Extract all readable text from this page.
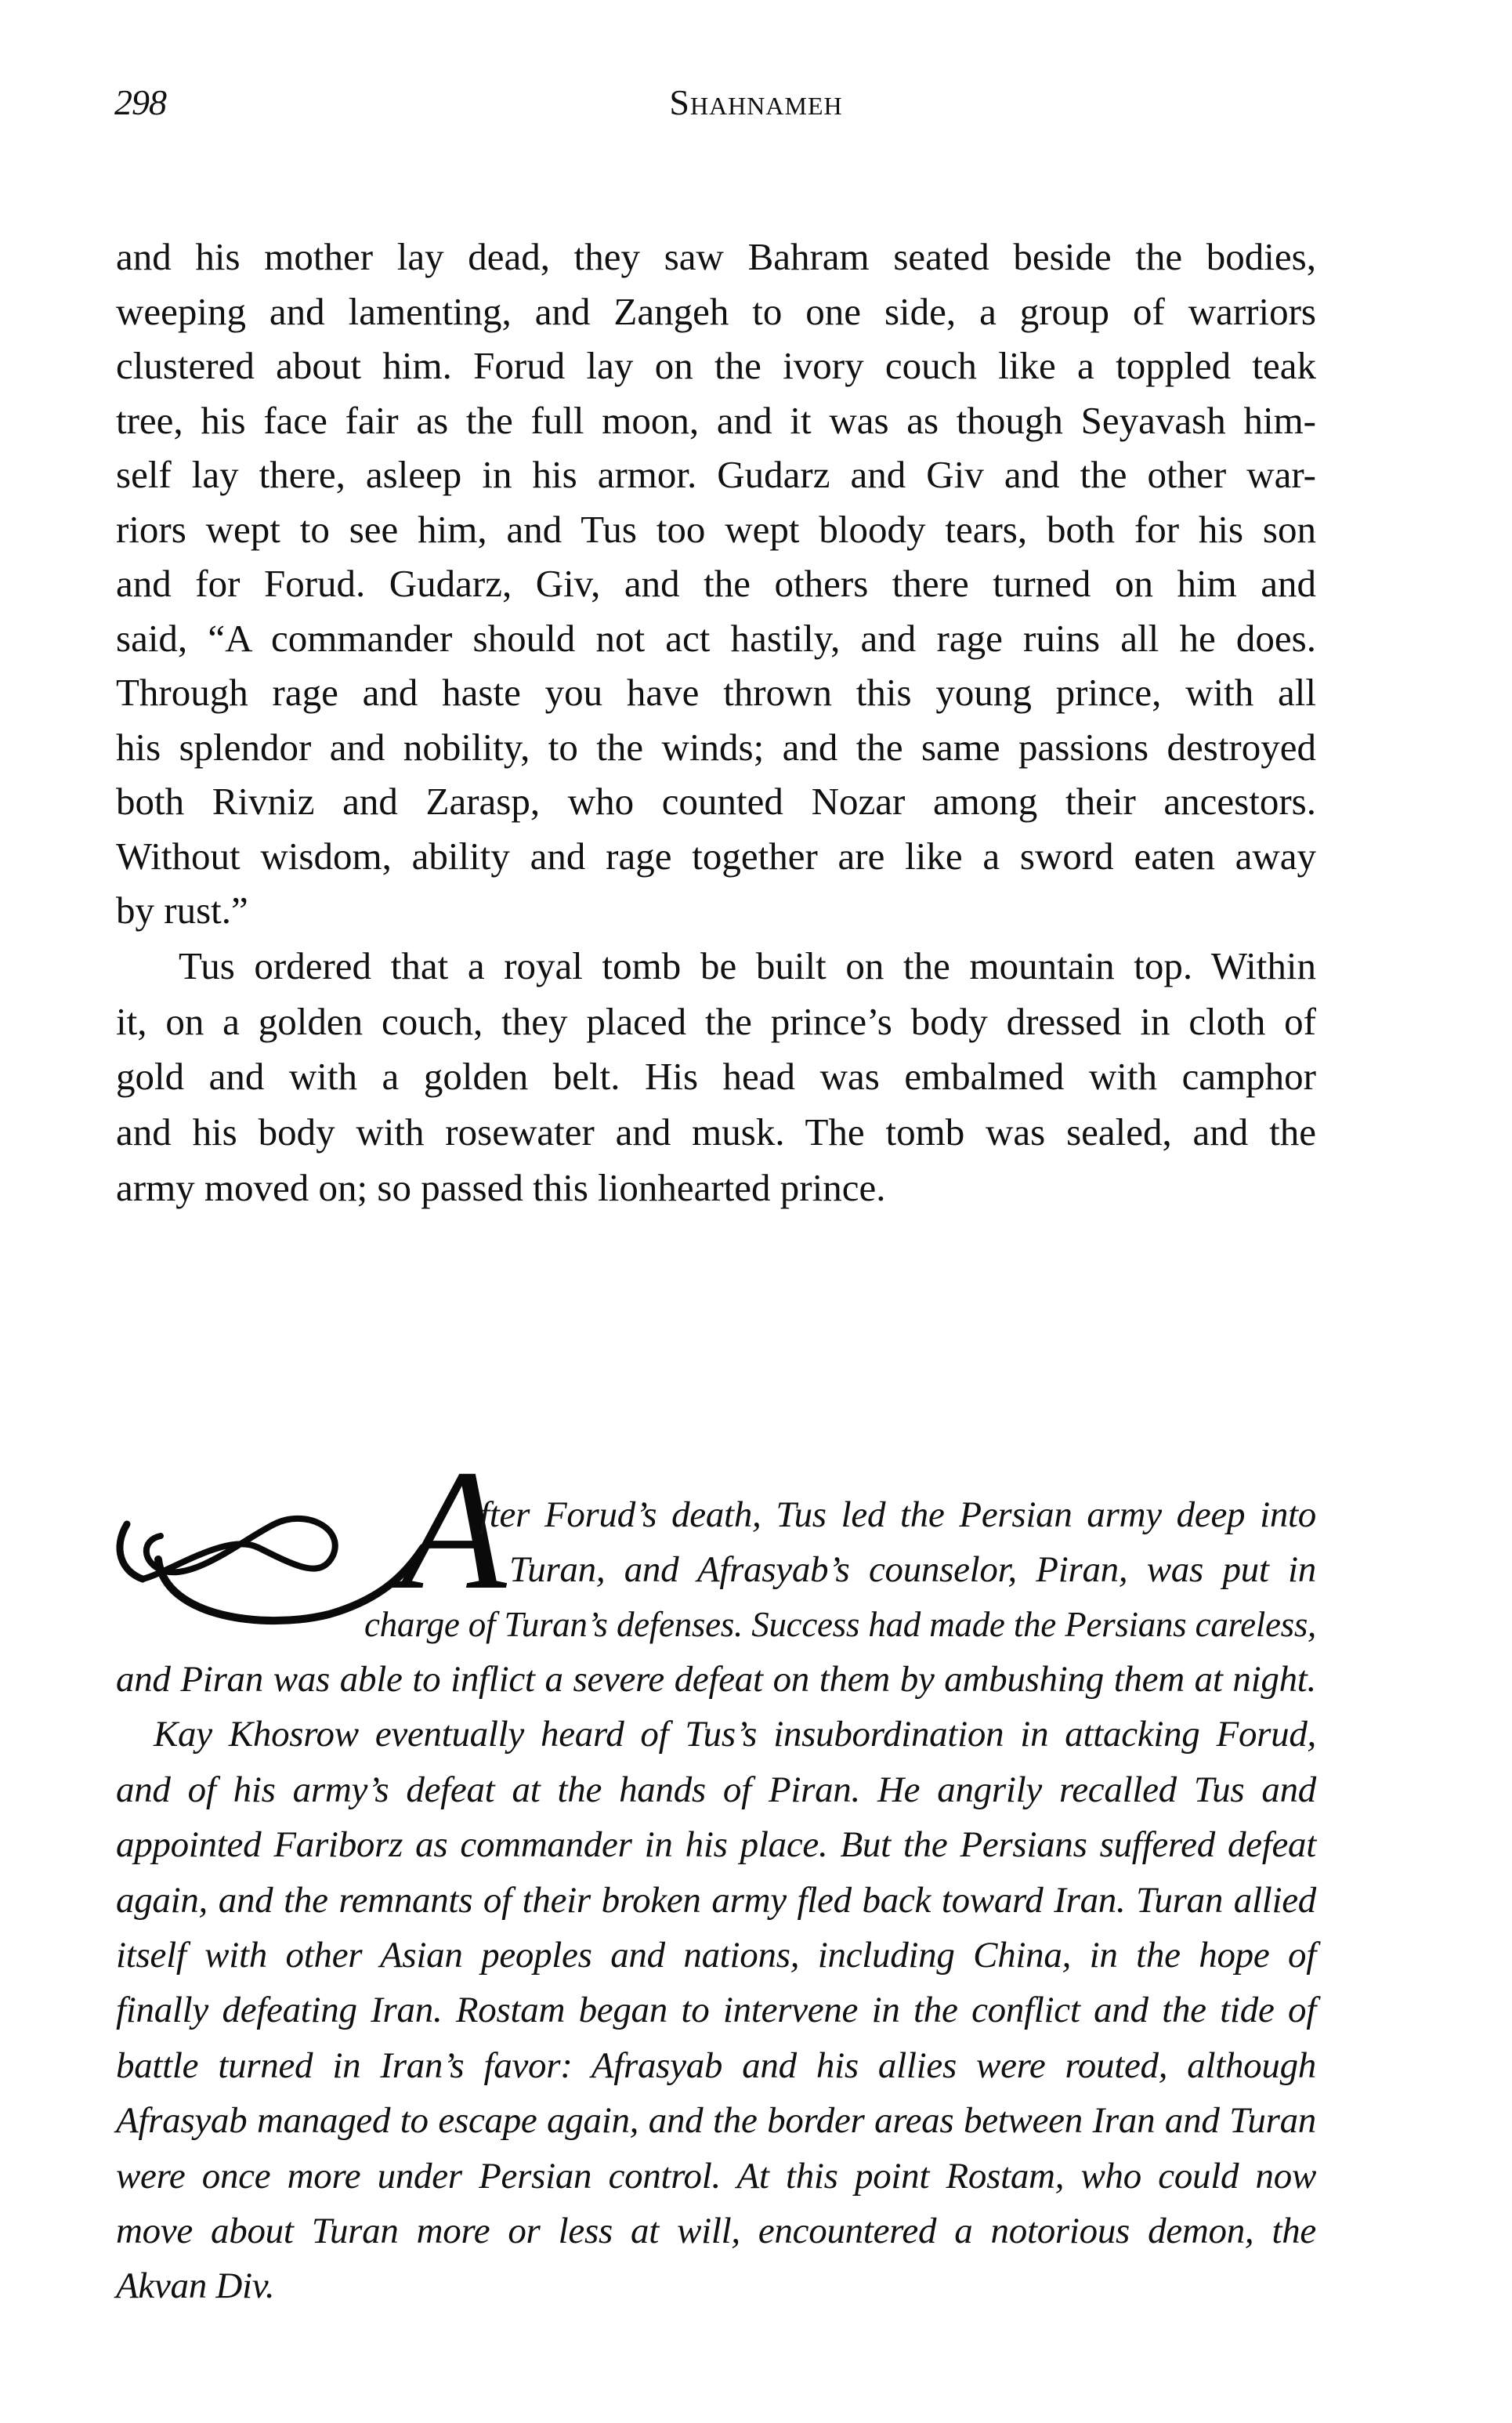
298	Shahnameh
and his mother lay dead, they saw Bahram seated beside the bodies,
weeping and lamenting, and Zangeh to one side, a group of warriors
clustered about him. Forud lay on the ivory couch like a toppled teak
tree, his face fair as the full moon, and it was as though Seyavash him-
self lay there, asleep in his armor. Gudarz and Giv and the other war-
riors wept to see him, and Tus too wept bloody tears, both for his son
and for Forud. Gudarz, Giv, and the others there turned on him and
said, “A commander should not act hastily, and rage ruins all he does.
Through rage and haste you have thrown this young prince, with all
his splendor and nobility, to the winds; and the same passions destroyed
both Rivniz and Zarasp, who counted Nozar among their ancestors.
Without wisdom, ability and rage together are like a sword eaten away
by rust.”
Tus ordered that a royal tomb be built on the mountain top. Within
it, on a golden couch, they placed the prince’s body dressed in cloth of
gold and with a golden belt. His head was embalmed with camphor
and his body with rosewater and musk. The tomb was sealed, and the
army moved on; so passed this lionhearted prince.
A
fter Forud’s death, Tus led the Persian army deep into
Turan, and Afrasyab’s counselor, Piran, was put in
charge of Turan’s defenses. Success had made the Persians careless,
and Piran was able to inflict a severe defeat on them by ambushing them at night.
Kay Khosrow eventually heard of Tus’s insubordination in attacking Forud,
and of his army’s defeat at the hands of Piran. He angrily recalled Tus and
appointed Fariborz as commander in his place. But the Persians suffered defeat
again, and the remnants of their broken army fled back toward Iran. Turan allied
itself with other Asian peoples and nations, including China, in the hope of
finally defeating Iran. Rostam began to intervene in the conflict and the tide of
battle turned in Iran’s favor: Afrasyab and his allies were routed, although
Afrasyab managed to escape again, and the border areas between Iran and Turan
were once more under Persian control. At this point Rostam, who could now
move about Turan more or less at will, encountered a notorious demon, the
Akvan Div.
